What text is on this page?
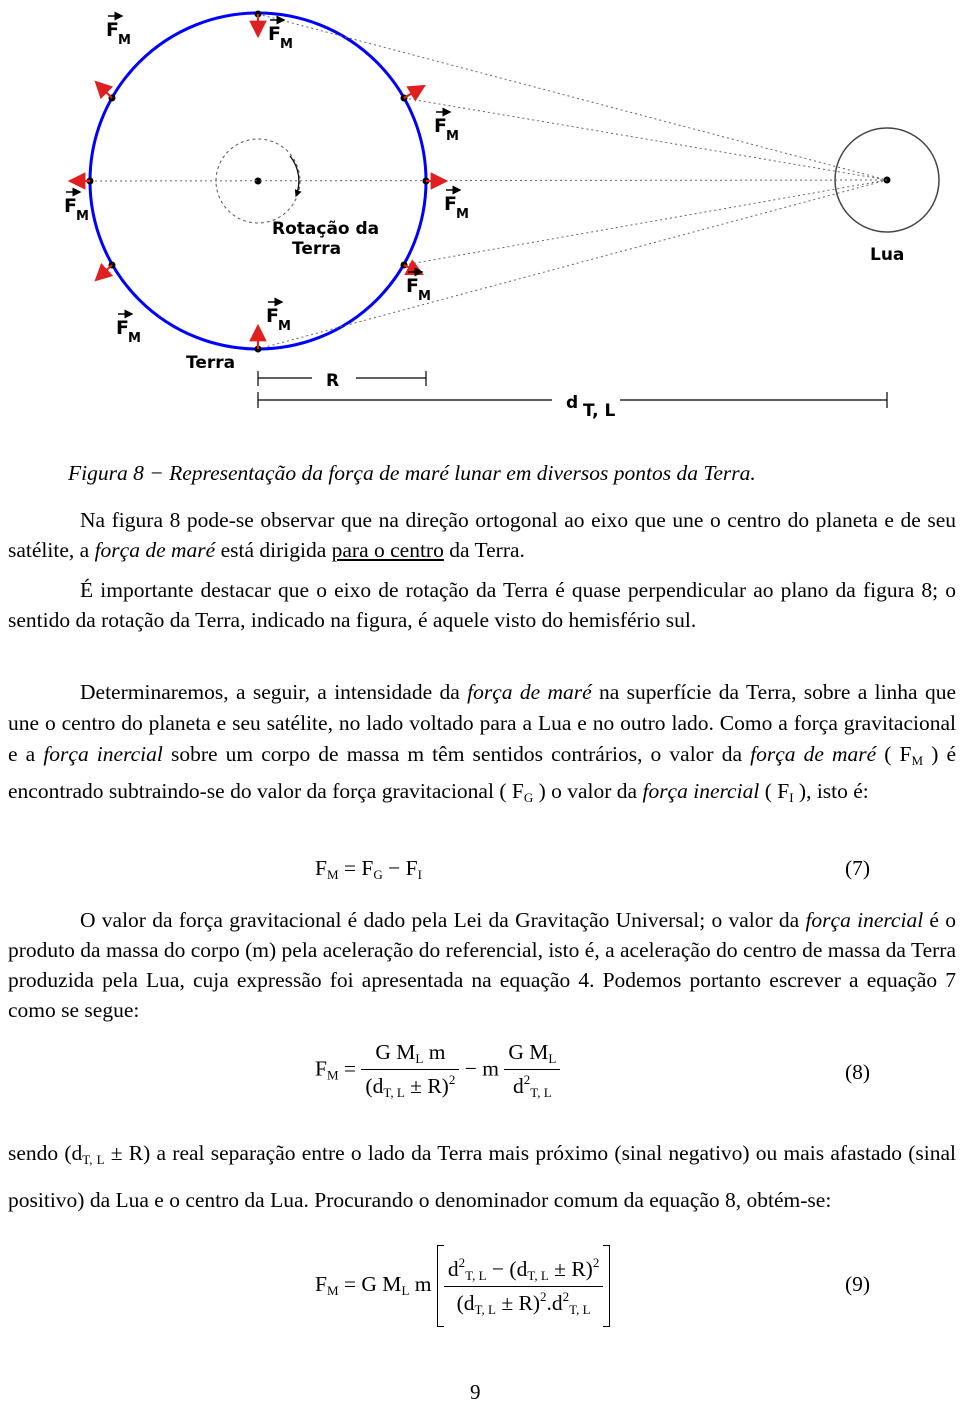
F M	F M
F M
F M
F M
F M
F M
F M
Rotação da
Terra
Terra
Lua
R
d T, L
Figura 8 − Representação da força de maré lunar em diversos pontos da Terra.
Na figura 8 pode-se observar que na direção ortogonal ao eixo que une o centro do planeta e de seu satélite, a força de maré está dirigida para o centro da Terra.
É importante destacar que o eixo de rotação da Terra é quase perpendicular ao plano da figura 8; o sentido da rotação da Terra, indicado na figura, é aquele visto do hemisfério sul.
Determinaremos, a seguir, a intensidade da força de maré na superfície da Terra, sobre a linha que une o centro do planeta e seu satélite, no lado voltado para a Lua e no outro lado. Como a força gravitacional e a força inercial sobre um corpo de massa m têm sentidos contrários, o valor da força de maré ( $F_M$ ) é encontrado subtraindo-se do valor da força gravitacional ( $F_G$ ) o valor da força inercial ( $F_I$ ), isto é:
$F_M = F_G - F_I$	(7)
O valor da força gravitacional é dado pela Lei da Gravitação Universal; o valor da força inercial é o produto da massa do corpo (m) pela aceleração do referencial, isto é, a aceleração do centro de massa da Terra produzida pela Lua, cuja expressão foi apresentada na equação 4. Podemos portanto escrever a equação 7 como se segue:
$F_M = \frac{G M_L m}{(d_{T, L} \pm R)^2} - m \frac{G M_L}{d^2_{T, L}}$	(8)
sendo $(d_{T, L} \pm R)$ a real separação entre o lado da Terra mais próximo (sinal negativo) ou mais afastado (sinal positivo) da Lua e o centro da Lua. Procurando o denominador comum da equação 8, obtém-se:
$F_M = G$ $M_L$ m $\frac{d^2_{T, L} - (d_{T, L} \pm R)^2}{(d_{T, L} \pm R)^2.d^2_{T, L}}$	(9)
9
